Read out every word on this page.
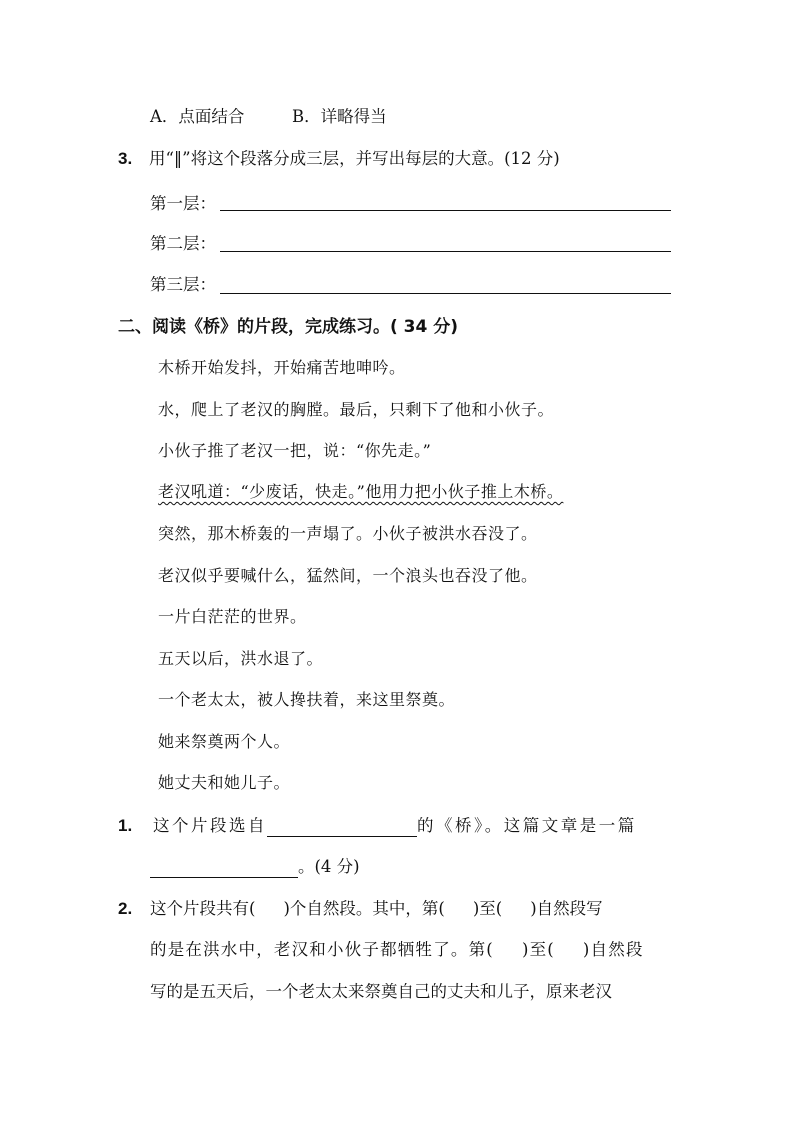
A．点面结合	B．详略得当
3. 用“‖”将这个段落分成三层，并写出每层的大意。(12 分)
第一层：
第二层：
第三层：
二、阅读《桥》的片段，完成练习。( 34 分)
木桥开始发抖，开始痛苦地呻吟。
水，爬上了老汉的胸膛。最后，只剩下了他和小伙子。
小伙子推了老汉一把，说：“你先走。”
老汉吼道：“少废话，快走。”他用力把小伙子推上木桥。
突然，那木桥轰的一声塌了。小伙子被洪水吞没了。
老汉似乎要喊什么，猛然间，一个浪头也吞没了他。
一片白茫茫的世界。
五天以后，洪水退了。
一个老太太，被人搀扶着，来这里祭奠。
她来祭奠两个人。
她丈夫和她儿子。
1. 这个片段选自	的《桥》。这篇文章是一篇
。(4 分)
2. 这个片段共有( )个自然段。其中，第( )至( )自然段写
的是在洪水中，老汉和小伙子都牺牲了。第( )至( )自然段
写的是五天后，一个老太太来祭奠自己的丈夫和儿子，原来老汉
